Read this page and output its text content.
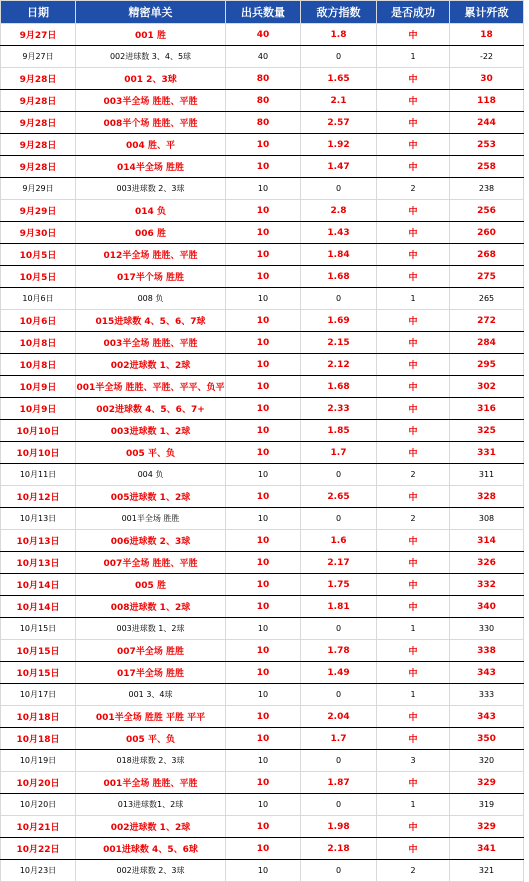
日期	精密单关	出兵数量	敌方指数	是否成功	累计歼敌
9月27日	001 胜	40	1.8	中	18
9月27日	002进球数 3、4、5球	40	0	1	-22
9月28日	001 2、3球	80	1.65	中	30
9月28日	003半全场 胜胜、平胜	80	2.1	中	118
9月28日	008半个场 胜胜、平胜	80	2.57	中	244
9月28日	004 胜、平	10	1.92	中	253
9月28日	014半全场 胜胜	10	1.47	中	258
9月29日	003进球数 2、3球	10	0	2	238
9月29日	014 负	10	2.8	中	256
9月30日	006 胜	10	1.43	中	260
10月5日	012半全场 胜胜、平胜	10	1.84	中	268
10月5日	017半个场 胜胜	10	1.68	中	275
10月6日	008 负	10	0	1	265
10月6日	015进球数 4、5、6、7球	10	1.69	中	272
10月8日	003半全场 胜胜、平胜	10	2.15	中	284
10月8日	002进球数 1、2球	10	2.12	中	295
10月9日	001半全场 胜胜、平胜、平平、负平	10	1.68	中	302
10月9日	002进球数 4、5、6、7+	10	2.33	中	316
10月10日	003进球数 1、2球	10	1.85	中	325
10月10日	005 平、负	10	1.7	中	331
10月11日	004 负	10	0	2	311
10月12日	005进球数 1、2球	10	2.65	中	328
10月13日	001半全场 胜胜	10	0	2	308
10月13日	006进球数 2、3球	10	1.6	中	314
10月13日	007半全场 胜胜、平胜	10	2.17	中	326
10月14日	005 胜	10	1.75	中	332
10月14日	008进球数 1、2球	10	1.81	中	340
10月15日	003进球数 1、2球	10	0	1	330
10月15日	007半全场 胜胜	10	1.78	中	338
10月15日	017半全场 胜胜	10	1.49	中	343
10月17日	001 3、4球	10	0	1	333
10月18日	001半全场 胜胜 平胜 平平	10	2.04	中	343
10月18日	005 平、负	10	1.7	中	350
10月19日	018进球数 2、3球	10	0	3	320
10月20日	001半全场 胜胜、平胜	10	1.87	中	329
10月20日	013进球数1、2球	10	0	1	319
10月21日	002进球数 1、2球	10	1.98	中	329
10月22日	001进球数 4、5、6球	10	2.18	中	341
10月23日	002进球数 2、3球	10	0	2	321
